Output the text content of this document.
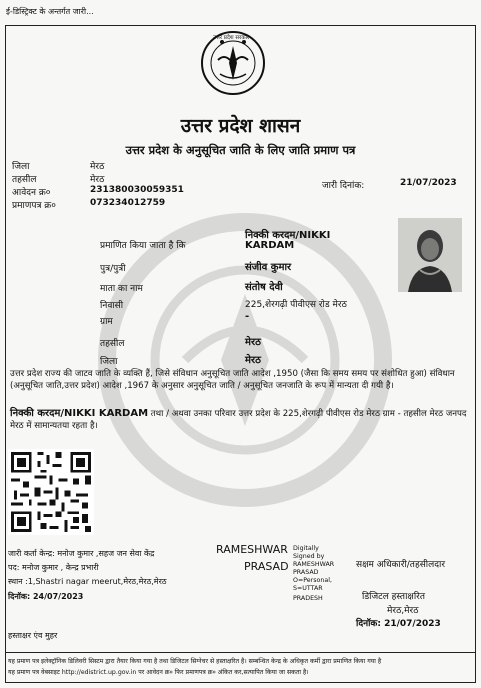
ई-डिस्ट्रिक्ट के अन्तर्गत जारी...
उत्तर प्रदेश सरकार
उत्तर प्रदेश शासन
उत्तर प्रदेश के अनुसूचित जाति के लिए जाति प्रमाण पत्र
जिला	मेरठ
तहसील	मेरठ
आवेदन क्र०	231380030059351
प्रमाणपत्र क्र०	073234012759
जारी दिनांक:	21/07/2023
प्रमाणित किया जाता है कि
निक्की करदम/NIKKI
KARDAM
पुत्र/पुत्री	संजीव कुमार
माता का नाम	संतोष देवी
निवासी	225,शेरगढ़ी पीवीएस रोड मेरठ
ग्राम	-
तहसील	मेरठ
जिला	मेरठ
उत्तर प्रदेश राज्य की जाटव जाति के व्यक्ति हैं, जिसे संविधान अनुसूचित जाति आदेश ,1950 (जैसा कि समय समय पर संशोधित हुआ) संविधान (अनुसूचित जाति,उत्तर प्रदेश) आदेश ,1967 के अनुसार अनुसूचित जाति / अनुसूचित जनजाति के रूप में मान्यता दी गयी है।
निक्की करदम/NIKKI KARDAM तथा / अथवा उनका परिवार उत्तर प्रदेश के 225,शेरगढ़ी पीवीएस रोड मेरठ ग्राम - तहसील मेरठ जनपद मेरठ में सामान्यतया रहता है।
जारी कर्ता केन्द्र: मनोज कुमार ,सहज जन सेवा केंद्र
पद: मनोज कुमार , केन्द्र प्रभारी
स्थान :1,Shastri nagar meerut,मेरठ,मेरठ,मेरठ
दिनॉक: 24/07/2023
हस्ताक्षर एंव मुहर
RAMESHWAR
PRASAD
Digitally
Signed by
RAMESHWAR
PRASAD
O=Personal,
S=UTTAR
PRADESH
सक्षम अधिकारी/तहसीलदार
डिजिटल हस्ताक्षरित
मेरठ,मेरठ
दिनॉक: 21/07/2023
यह प्रमाण पत्र इलेक्ट्रॉनिक डिलिवरी सिस्टम द्वारा तैयार किया गया है तथा डिजिटल सिग्नेचर से हस्ताक्षरित है। सम्बन्धित केन्द्र के अधिकृत कर्मी द्वारा प्रमाणित किया गया है
यह प्रमाण पत्र वेबसाइट http://edistrict.up.gov.in पर आवेदन क्र० फिर प्रमाणपत्र क्र० अंकित कर,सत्यापित किया जा सकता है।
